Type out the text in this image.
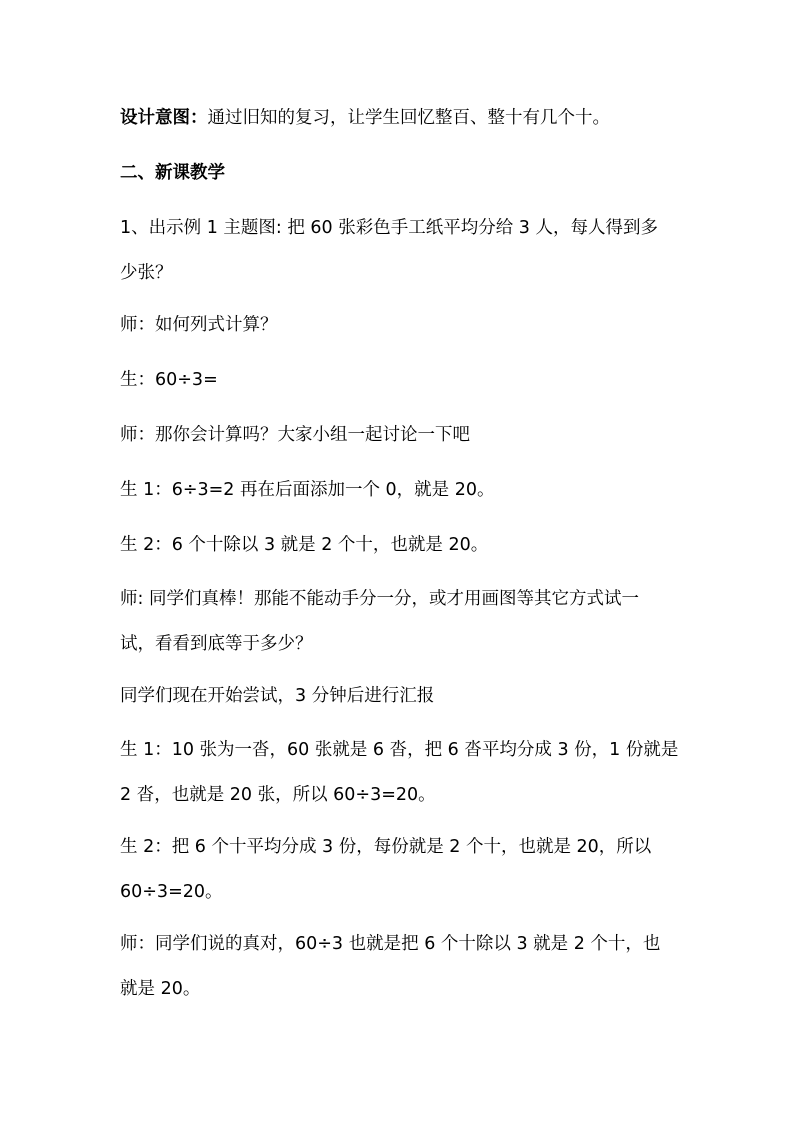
设计意图：通过旧知的复习，让学生回忆整百、整十有几个十。
二、新课教学
1、出示例 1 主题图: 把 60 张彩色手工纸平均分给 3 人，每人得到多
少张？
师：如何列式计算？
生：60÷3=
师：那你会计算吗？大家小组一起讨论一下吧
生 1：6÷3=2 再在后面添加一个 0，就是 20。
生 2：6 个十除以 3 就是 2 个十，也就是 20。
师: 同学们真棒！那能不能动手分一分，或才用画图等其它方式试一
试，看看到底等于多少？
同学们现在开始尝试，3 分钟后进行汇报
生 1：10 张为一沓，60 张就是 6 沓，把 6 沓平均分成 3 份，1 份就是
2 沓，也就是 20 张，所以 60÷3=20。
生 2：把 6 个十平均分成 3 份，每份就是 2 个十，也就是 20，所以
60÷3=20。
师：同学们说的真对，60÷3 也就是把 6 个十除以 3 就是 2 个十，也
就是 20。
